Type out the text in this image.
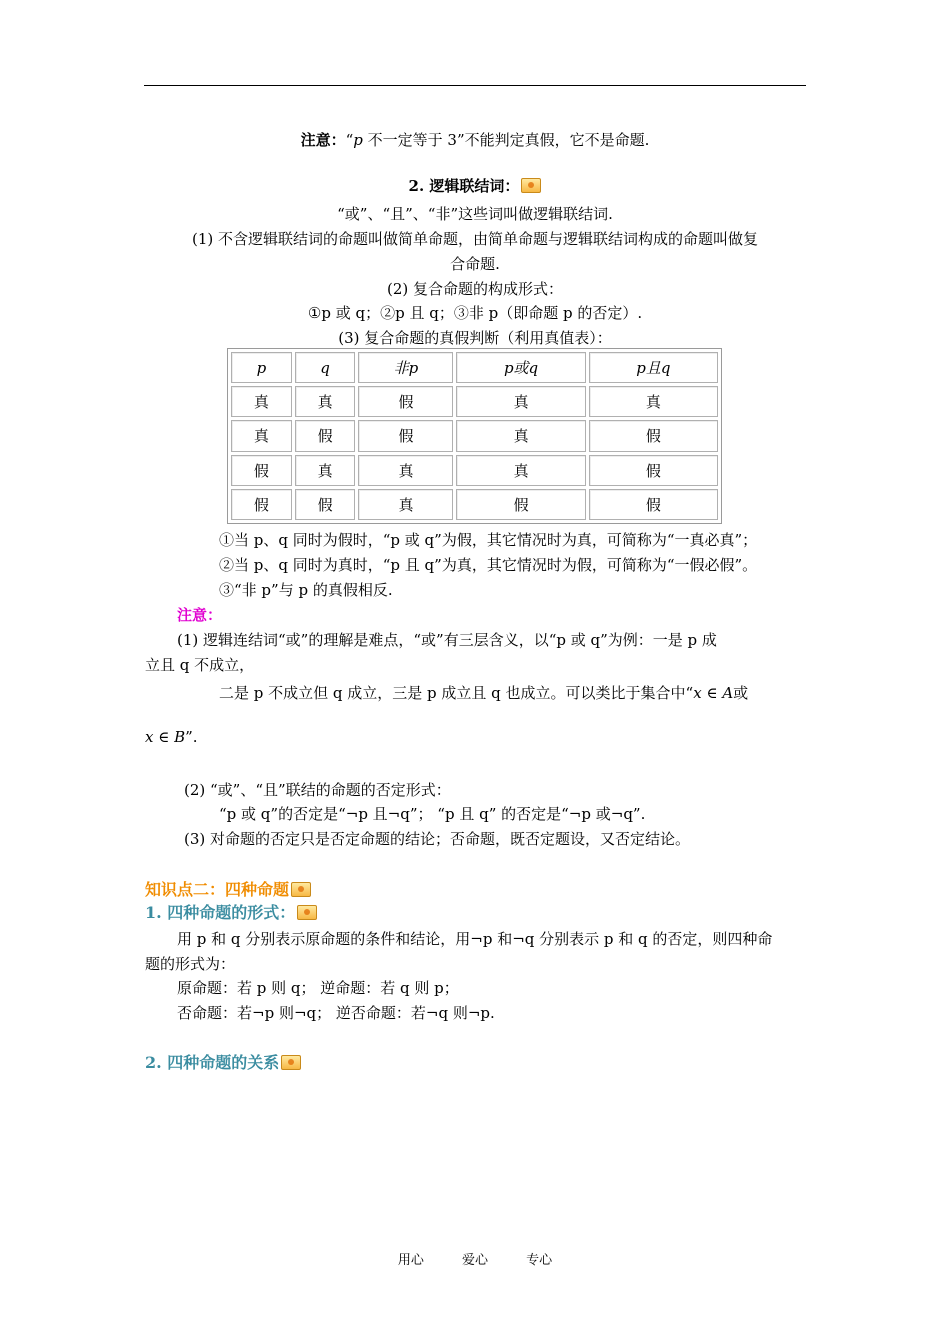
注意：“p 不一定等于 3”不能判定真假，它不是命题.
2. 逻辑联结词：
“或”、“且”、“非”这些词叫做逻辑联结词.
(1) 不含逻辑联结词的命题叫做简单命题，由简单命题与逻辑联结词构成的命题叫做复
合命题.
(2) 复合命题的构成形式：
①p 或 q；②p 且 q；③非 p（即命题 p 的否定）.
(3) 复合命题的真假判断（利用真值表）：
p	q	非p	p或q	p且q
真	真	假	真	真
真	假	假	真	假
假	真	真	真	假
假	假	真	假	假
①当 p、q 同时为假时，“p 或 q”为假，其它情况时为真，可简称为“一真必真”；
②当 p、q 同时为真时，“p 且 q”为真，其它情况时为假，可简称为“一假必假”。
③“非 p”与 p 的真假相反.
注意：
(1) 逻辑连结词“或”的理解是难点，“或”有三层含义，以“p 或 q”为例：一是 p 成
立且 q 不成立，
二是 p 不成立但 q 成立，三是 p 成立且 q 也成立。可以类比于集合中“x ∈ A或
x ∈ B”.
(2) “或”、“且”联结的命题的否定形式：
“p 或 q”的否定是“¬p 且¬q”； “p 且 q” 的否定是“¬p 或¬q”.
(3) 对命题的否定只是否定命题的结论；否命题，既否定题设，又否定结论。
知识点二：四种命题
1. 四种命题的形式：
用 p 和 q 分别表示原命题的条件和结论，用¬p 和¬q 分别表示 p 和 q 的否定，则四种命
题的形式为：
原命题：若 p 则 q； 逆命题：若 q 则 p；
否命题：若¬p 则¬q； 逆否命题：若¬q 则¬p.
2. 四种命题的关系
用心	爱心	专心
